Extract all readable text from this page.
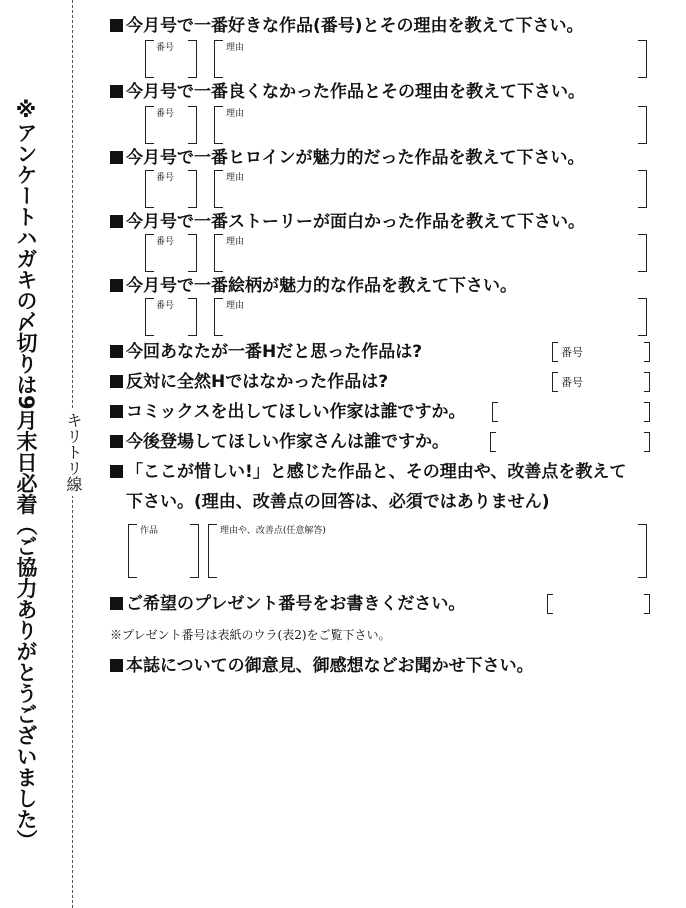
※アンケートハガキの〆切りは9月末日必着（ご協力ありがとうございました）	キリトリ線
今月号で一番好きな作品(番号)とその理由を教えて下さい。
番号	理由
今月号で一番良くなかった作品とその理由を教えて下さい。
番号	理由
今月号で一番ヒロインが魅力的だった作品を教えて下さい。
番号	理由
今月号で一番ストーリーが面白かった作品を教えて下さい。
番号	理由
今月号で一番絵柄が魅力的な作品を教えて下さい。
番号	理由
今回あなたが一番Hだと思った作品は?	番号
反対に全然Hではなかった作品は?	番号
コミックスを出してほしい作家は誰ですか。
今後登場してほしい作家さんは誰ですか。
「ここが惜しい!」と感じた作品と、その理由や、改善点を教えて
下さい。(理由、改善点の回答は、必須ではありません)
作品	理由や、改善点(任意解答)
ご希望のプレゼント番号をお書きください。
※プレゼント番号は表紙のウラ(表2)をご覧下さい。
本誌についての御意見、御感想などお聞かせ下さい。
